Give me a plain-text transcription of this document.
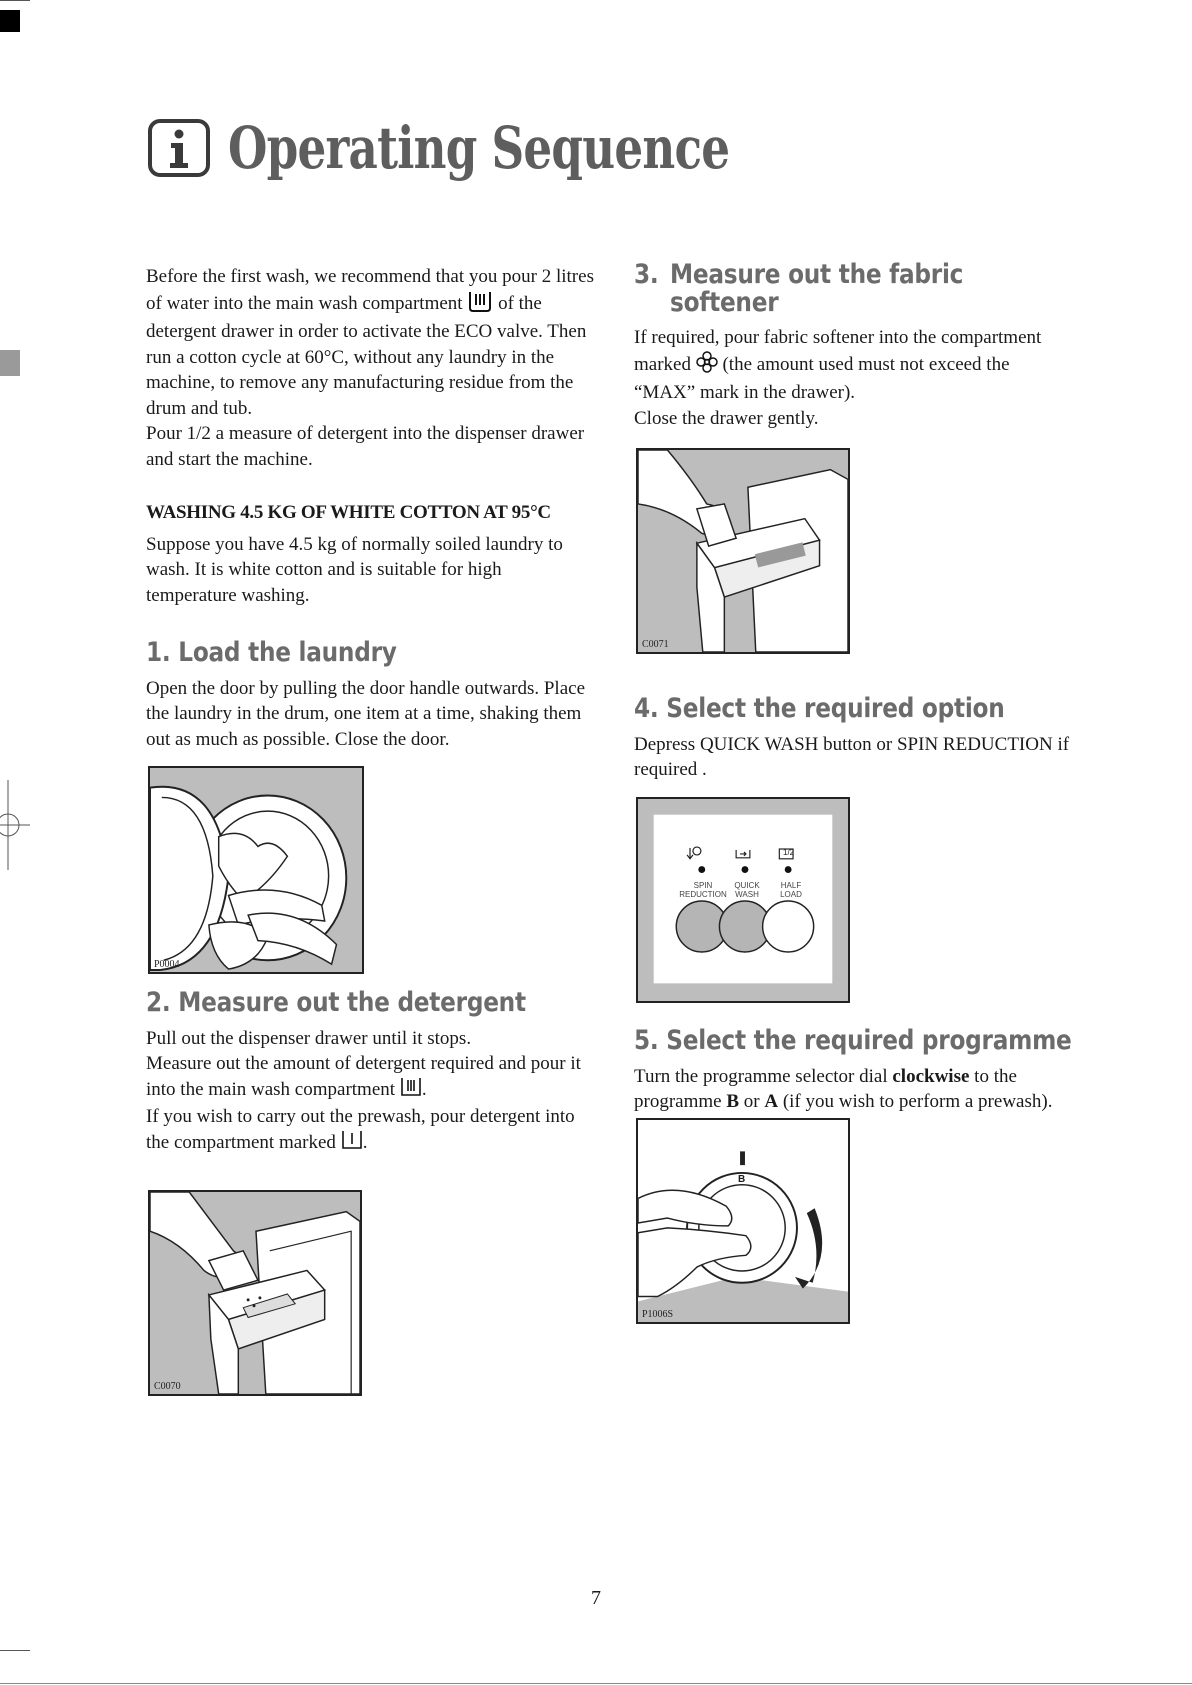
Operating Sequence

Before the first wash, we recommend that you pour 2 litres of water into the main wash compartment of the detergent drawer in order to activate the ECO valve. Then run a cotton cycle at 60°C, without any laundry in the machine, to remove any manufacturing residue from the drum and tub.

Pour 1/2 a measure of detergent into the dispenser drawer and start the machine.

WASHING 4.5 KG OF WHITE COTTON AT 95°C

Suppose you have 4.5 kg of normally soiled laundry to wash. It is white cotton and is suitable for high temperature washing.

1. Load the laundry

Open the door by pulling the door handle outwards. Place the laundry in the drum, one item at a time, shaking them out as much as possible. Close the door.

P0004
2. Measure out the detergent

Pull out the dispenser drawer until it stops.

Measure out the amount of detergent required and pour it into the main wash compartment .

If you wish to carry out the prewash, pour detergent into the compartment marked .

C0070
3. Measure out the fabric
softener

If required, pour fabric softener into the compartment marked (the amount used must not exceed the “MAX” mark in the drawer).

Close the drawer gently.

C0071
4. Select the required option

Depress QUICK WASH button or SPIN REDUCTION if required .

1/2
SPIN
REDUCTION
QUICK
WASH
HALF
LOAD
5. Select the required programme

Turn the programme selector dial clockwise to the programme B or A (if you wish to perform a prewash).

B
P1006S
7
